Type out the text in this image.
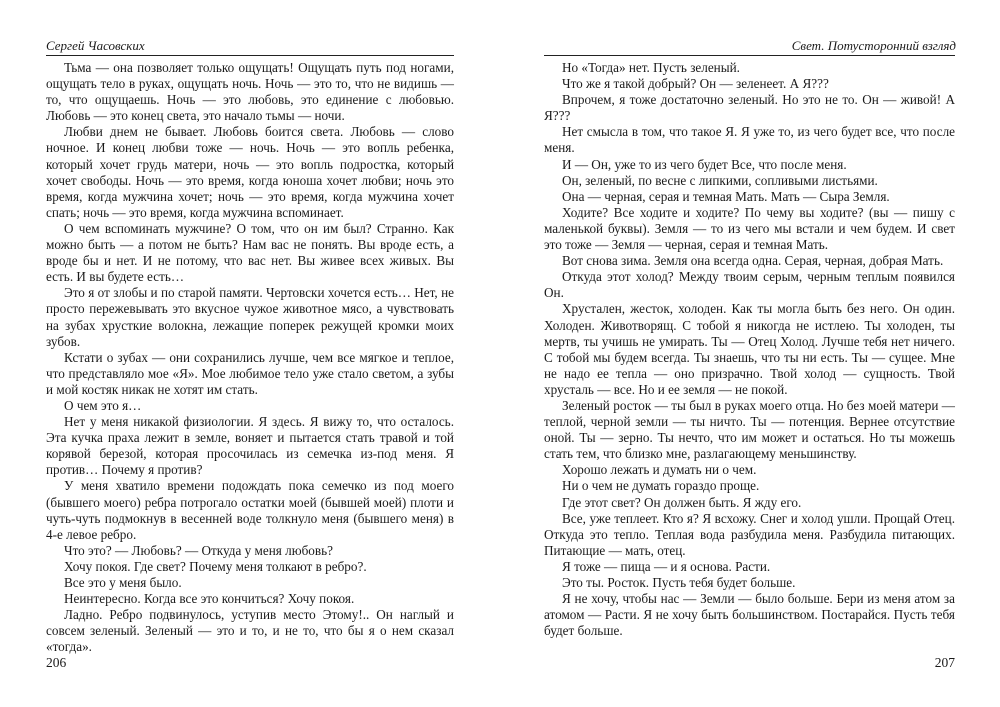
Сергей Часовских

Тьма — она позволяет только ощущать! Ощущать путь под ногами, ощущать тело в руках, ощущать ночь. Ночь — это то, что не видишь — то, что ощущаешь. Ночь — это любовь, это единение с любовью. Любовь — это конец света, это начало тьмы — ночи.

Любви днем не бывает. Любовь боится света. Любовь — слово ночное. И конец любви тоже — ночь. Ночь — это вопль ребенка, который хочет грудь матери, ночь — это вопль подростка, который хочет свободы. Ночь — это время, когда юноша хочет любви; ночь это время, когда мужчина хочет; ночь — это время, когда мужчина хочет спать; ночь — это время, когда мужчина вспоминает.

О чем вспоминать мужчине? О том, что он им был? Странно. Как можно быть — а потом не быть? Нам вас не понять. Вы вроде есть, а вроде бы и нет. И не потому, что вас нет. Вы живее всех живых. Вы есть. И вы будете есть…

Это я от злобы и по старой памяти. Чертовски хочется есть… Нет, не просто пережевывать это вкусное чужое животное мясо, а чувствовать на зубах хрусткие волокна, лежащие поперек режущей кромки моих зубов.

Кстати о зубах — они сохранились лучше, чем все мягкое и теплое, что представляло мое «Я». Мое любимое тело уже стало светом, а зубы и мой костяк никак не хотят им стать.

О чем это я…

Нет у меня никакой физиологии. Я здесь. Я вижу то, что осталось. Эта кучка праха лежит в земле, воняет и пытается стать травой и той корявой березой, которая просочилась из семечка из-под меня. Я против… Почему я против?

У меня хватило времени подождать пока семечко из под моего (бывшего моего) ребра потрогало остатки моей (бывшей моей) плоти и чуть-чуть подмокнув в весенней воде толкнуло меня (бывшего меня) в 4-е левое ребро.

Что это? — Любовь? — Откуда у меня любовь?

Хочу покоя. Где свет? Почему меня толкают в ребро?.

Все это у меня было.

Неинтересно. Когда все это кончиться? Хочу покоя.

Ладно. Ребро подвинулось, уступив место Этому!.. Он наглый и совсем зеленый. Зеленый — это и то, и не то, что бы я о нем сказал «тогда».

206
Свет. Потусторонний взгляд

Но «Тогда» нет. Пусть зеленый.

Что же я такой добрый? Он — зеленеет. А Я???

Впрочем, я тоже достаточно зеленый. Но это не то. Он — живой! А Я???

Нет смысла в том, что такое Я. Я уже то, из чего будет все, что после меня.

И — Он, уже то из чего будет Все, что после меня.

Он, зеленый, по весне с липкими, сопливыми листьями.

Она — черная, серая и темная Мать. Мать — Сыра Земля.

Ходите? Все ходите и ходите? По чему вы ходите? (вы — пишу с маленькой буквы). Земля — то из чего мы встали и чем будем. И свет это тоже — Земля — черная, серая и темная Мать.

Вот снова зима. Земля она всегда одна. Серая, черная, добрая Мать.

Откуда этот холод? Между твоим серым, черным теплым появился Он.

Хрустален, жесток, холоден. Как ты могла быть без него. Он один. Холоден. Животворящ. С тобой я никогда не истлею. Ты холоден, ты мертв, ты учишь не умирать. Ты — Отец Холод. Лучше тебя нет ничего. С тобой мы будем всегда. Ты знаешь, что ты ни есть. Ты — сущее. Мне не надо ее тепла — оно призрачно. Твой холод — сущность. Твой хрусталь — все. Но и ее земля — не покой.

Зеленый росток — ты был в руках моего отца. Но без моей матери — теплой, черной земли — ты ничто. Ты — потенция. Вернее отсутствие оной. Ты — зерно. Ты нечто, что им может и остаться. Но ты можешь стать тем, что близко мне, разлагающему меньшинству.

Хорошо лежать и думать ни о чем.

Ни о чем не думать гораздо проще.

Где этот свет? Он должен быть. Я жду его.

Все, уже теплеет. Кто я? Я всхожу. Снег и холод ушли. Прощай Отец. Откуда это тепло. Теплая вода разбудила меня. Разбудила питающих. Питающие — мать, отец.

Я тоже — пища — и я основа. Расти.

Это ты. Росток. Пусть тебя будет больше.

Я не хочу, чтобы нас — Земли — было больше. Бери из меня атом за атомом — Расти. Я не хочу быть большинством. Постарайся. Пусть тебя будет больше.

207
